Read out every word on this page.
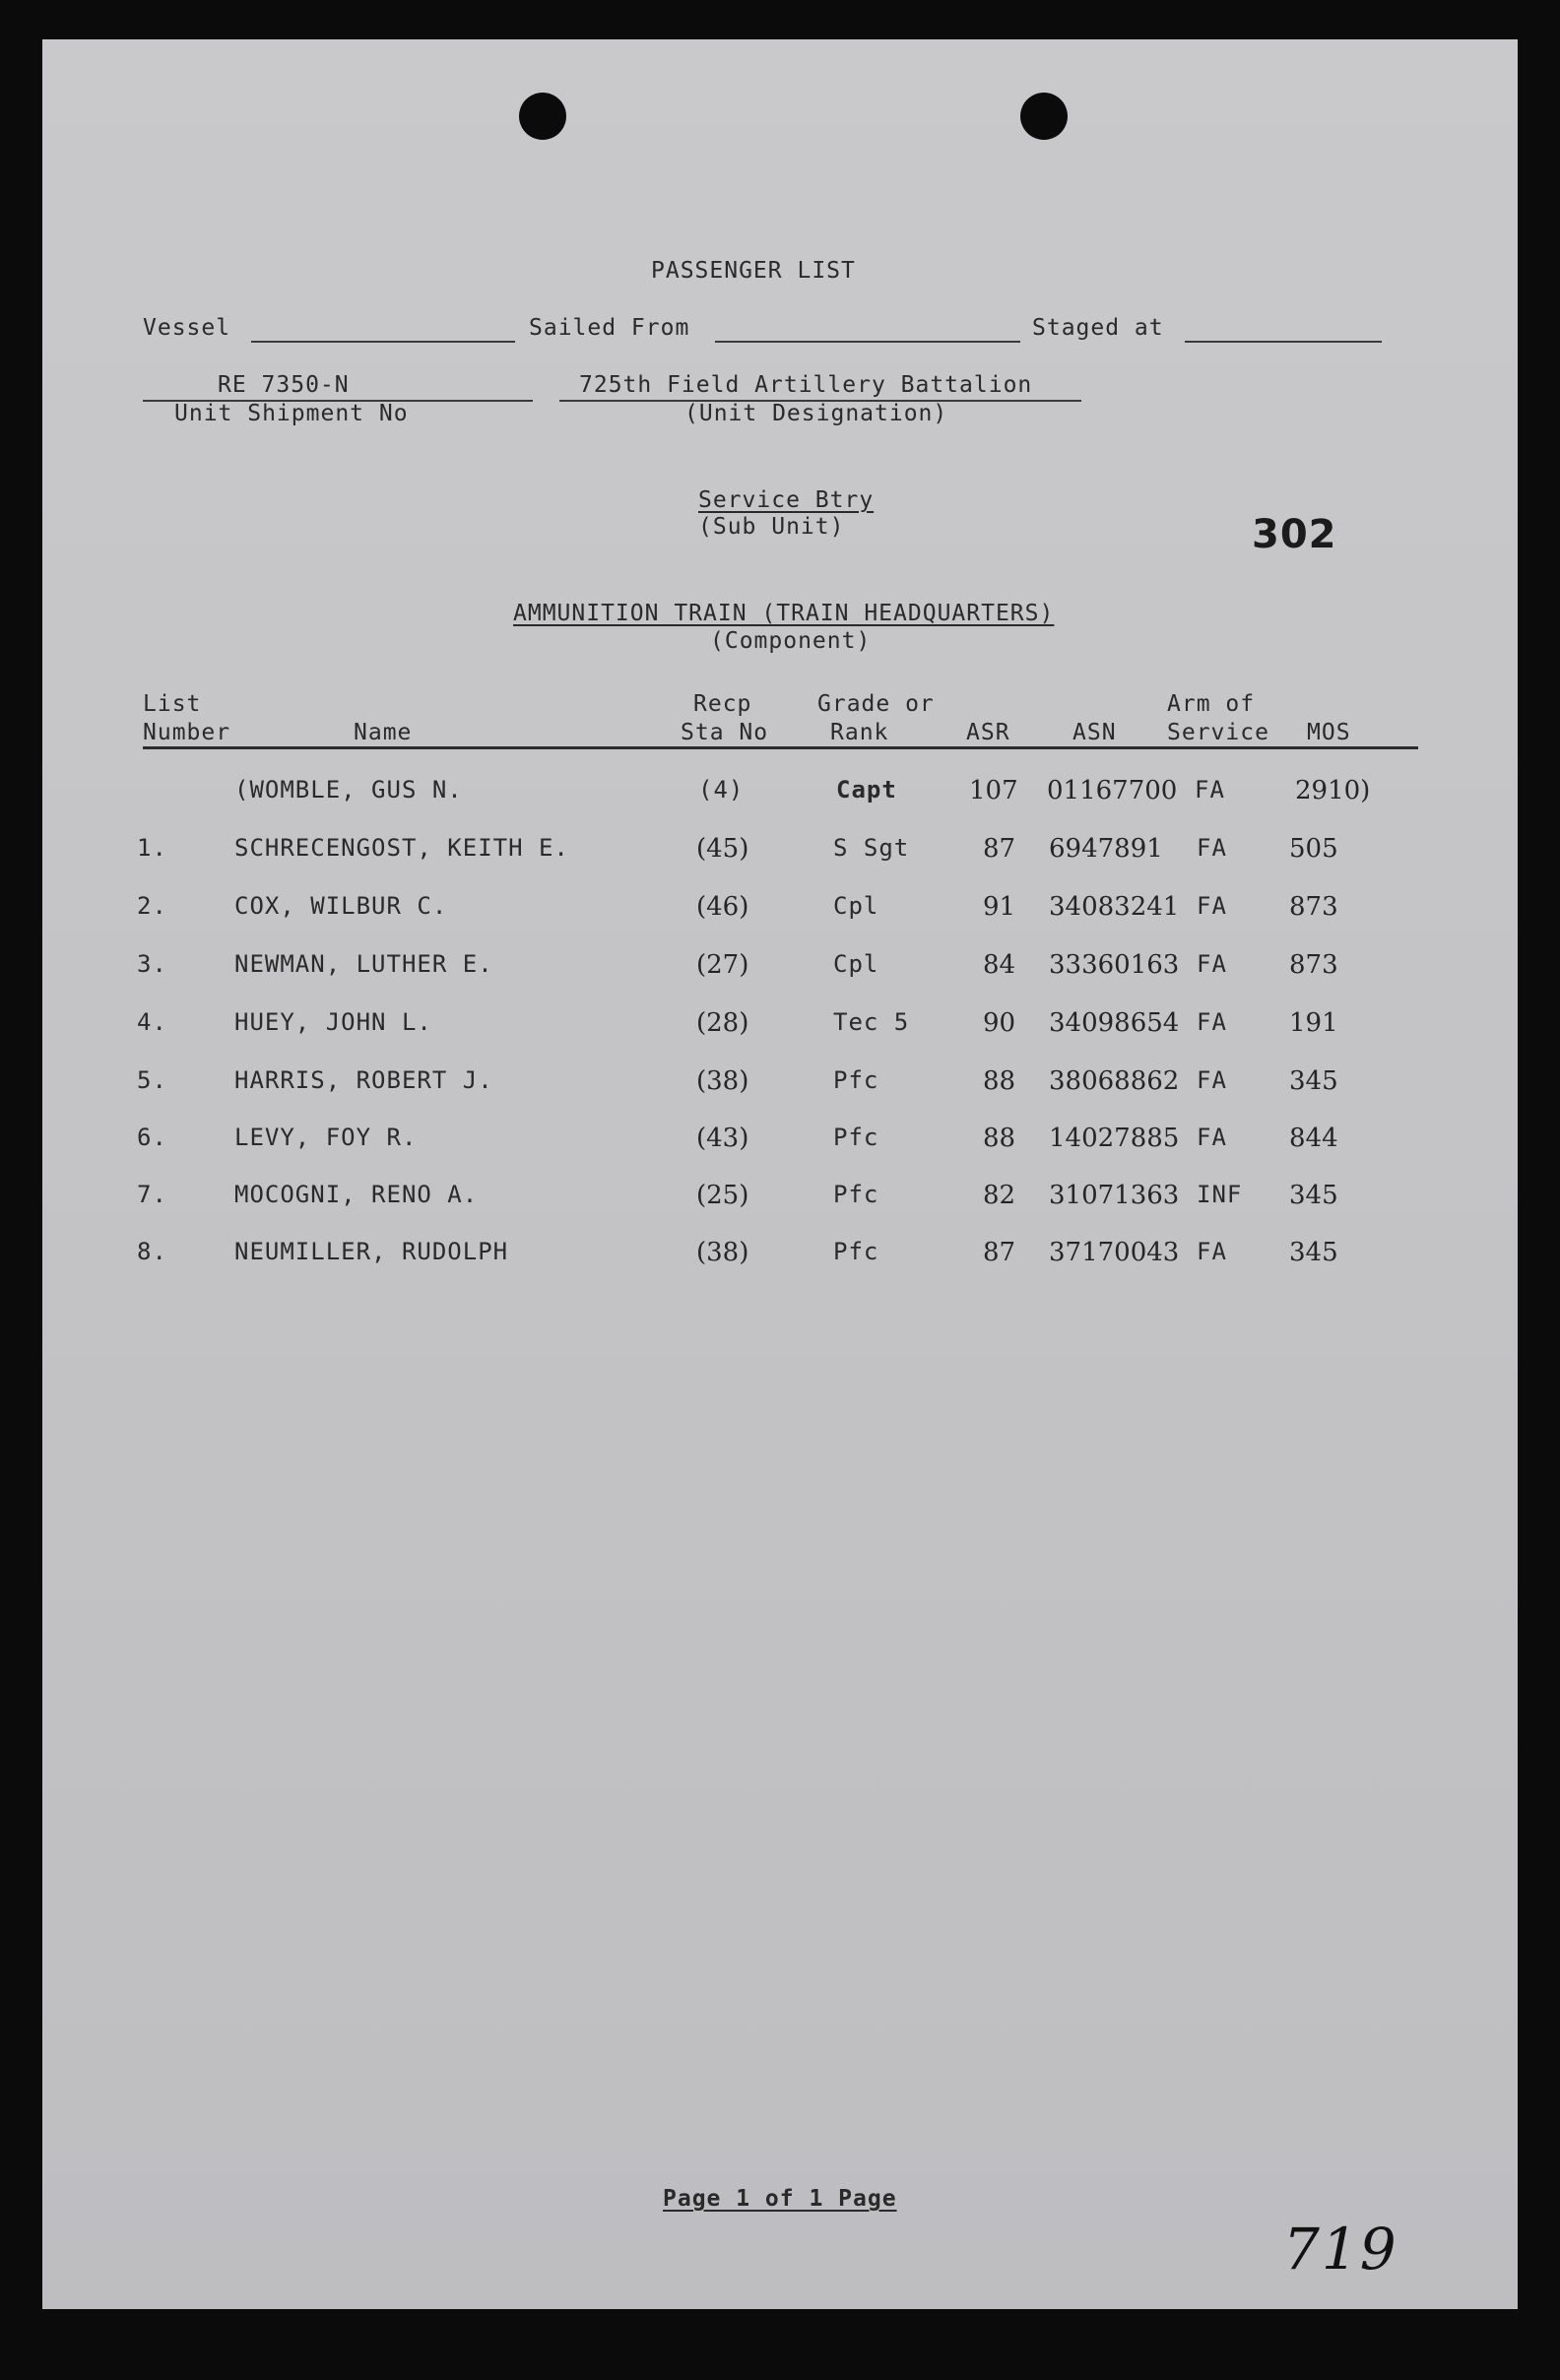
PASSENGER LIST
Vessel	Sailed From	Staged at
RE 7350-N
Unit Shipment No
725th Field Artillery Battalion
(Unit Designation)
Service Btry
(Sub Unit)	302
AMMUNITION TRAIN (TRAIN HEADQUARTERS)
(Component)
List
Number	Name
Recp
Sta No
Grade or
Rank	ASR	ASN
Arm of
Service MOS
(WOMBLE, GUS N.	(4)	Capt	107 01167700 FA	2910)
1.	SCHRECENGOST, KEITH E.	(45)	S Sgt	87 6947891 FA 505
2.	COX, WILBUR C.	(46)	Cpl	91 34083241 FA 873
3.	NEWMAN, LUTHER E.	(27)	Cpl	84 33360163 FA 873
4.	HUEY, JOHN L.	(28)	Tec 5	90 34098654 FA 191
5.	HARRIS, ROBERT J.	(38)	Pfc	88 38068862 FA 345
6.	LEVY, FOY R.	(43)	Pfc	88 14027885 FA 844
7.	MOCOGNI, RENO A.	(25)	Pfc	82 31071363 INF 345
8.	NEUMILLER, RUDOLPH	(38)	Pfc	87 37170043 FA 345
Page 1 of 1 Page
719
